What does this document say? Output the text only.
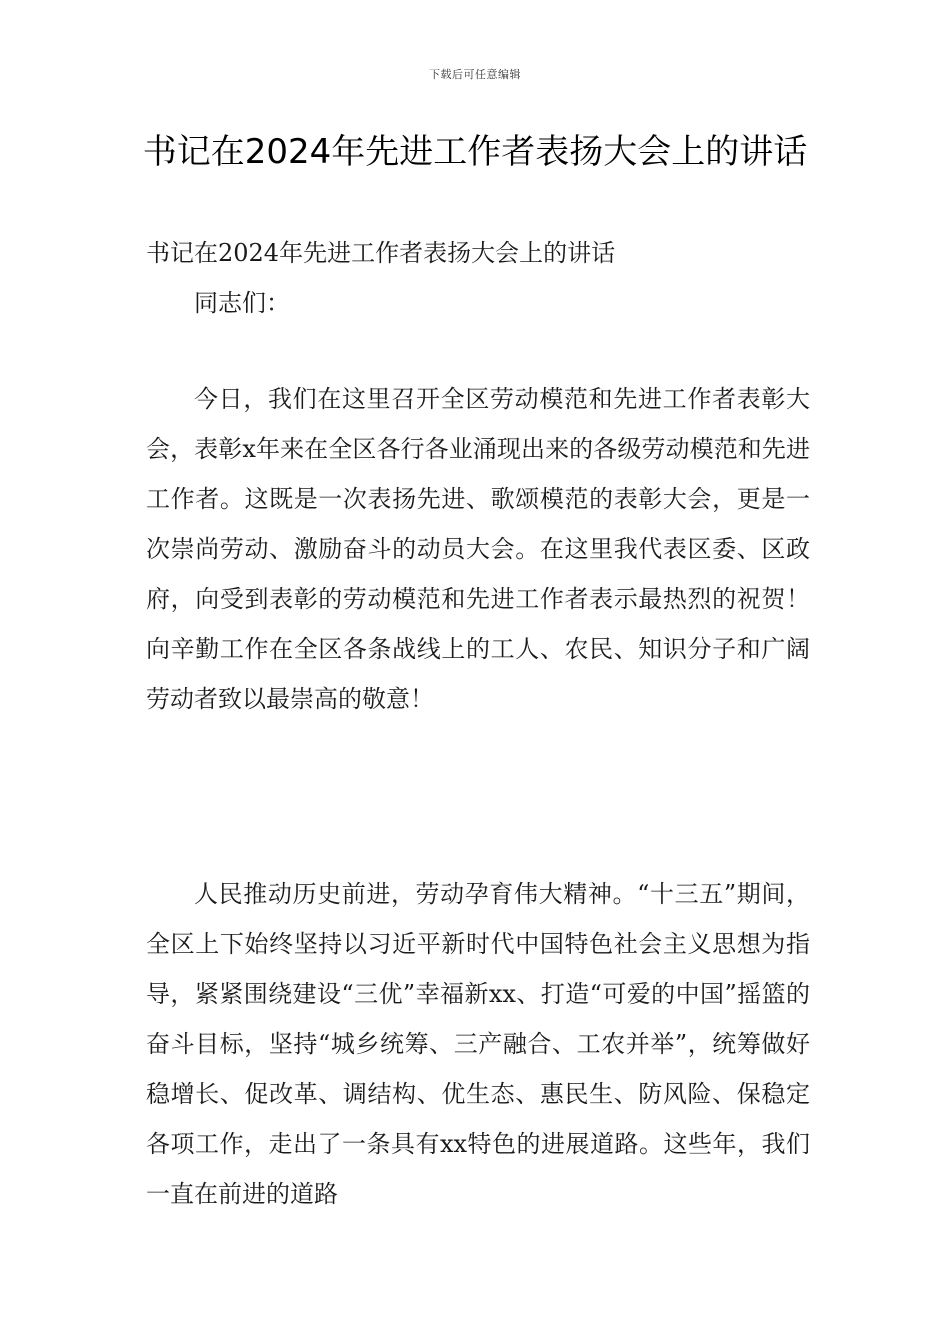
下载后可任意编辑
书记在2024年先进工作者表扬大会上的讲话
书记在2024年先进工作者表扬大会上的讲话
同志们：

今日，我们在这里召开全区劳动模范和先进工作者表彰大会，表彰x年来在全区各行各业涌现出来的各级劳动模范和先进工作者。这既是一次表扬先进、歌颂模范的表彰大会，更是一次崇尚劳动、激励奋斗的动员大会。在这里我代表区委、区政府，向受到表彰的劳动模范和先进工作者表示最热烈的祝贺！向辛勤工作在全区各条战线上的工人、农民、知识分子和广阔劳动者致以最崇高的敬意！

人民推动历史前进，劳动孕育伟大精神。“十三五”期间，全区上下始终坚持以习近平新时代中国特色社会主义思想为指导，紧紧围绕建设“三优”幸福新xx、打造“可爱的中国”摇篮的奋斗目标，坚持“城乡统筹、三产融合、工农并举”，统筹做好稳增长、促改革、调结构、优生态、惠民生、防风险、保稳定各项工作，走出了一条具有xx特色的进展道路。这些年，我们一直在前进的道路
